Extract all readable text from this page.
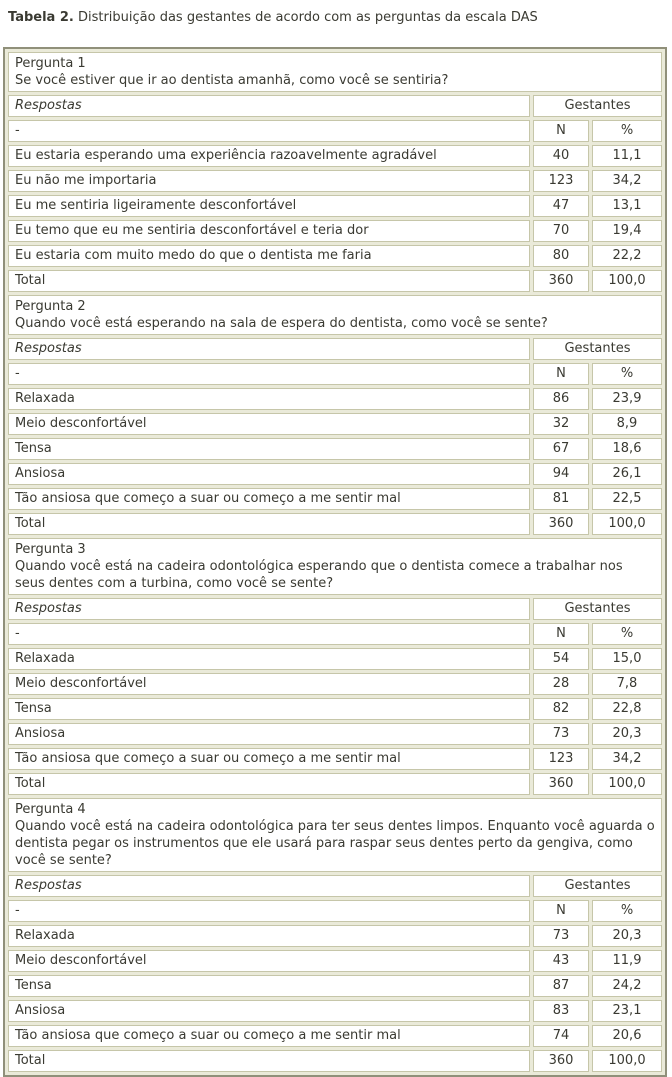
Tabela 2. Distribuição das gestantes de acordo com as perguntas da escala DAS
Pergunta 1
Se você estiver que ir ao dentista amanhã, como você se sentiria?		

Respostas	Gestantes	
-	N	%
Eu estaria esperando uma experiência razoavelmente agradável	40	11,1
Eu não me importaria	123	34,2
Eu me sentiria ligeiramente desconfortável	47	13,1
Eu temo que eu me sentiria desconfortável e teria dor	70	19,4
Eu estaria com muito medo do que o dentista me faria	80	22,2
Total	360	100,0

Pergunta 2
Quando você está esperando na sala de espera do dentista, como você se sente?		

Respostas	Gestantes	
-	N	%
Relaxada	86	23,9
Meio desconfortável	32	8,9
Tensa	67	18,6
Ansiosa	94	26,1
Tão ansiosa que começo a suar ou começo a me sentir mal	81	22,5
Total	360	100,0

Pergunta 3
Quando você está na cadeira odontológica esperando que o dentista comece a trabalhar nos seus dentes com a turbina, como você se sente?		

Respostas	Gestantes	
-	N	%
Relaxada	54	15,0
Meio desconfortável	28	7,8
Tensa	82	22,8
Ansiosa	73	20,3
Tão ansiosa que começo a suar ou começo a me sentir mal	123	34,2
Total	360	100,0

Pergunta 4
Quando você está na cadeira odontológica para ter seus dentes limpos. Enquanto você aguarda o dentista pegar os instrumentos que ele usará para raspar seus dentes perto da gengiva, como você se sente?		

Respostas	Gestantes	
-	N	%
Relaxada	73	20,3
Meio desconfortável	43	11,9
Tensa	87	24,2
Ansiosa	83	23,1
Tão ansiosa que começo a suar ou começo a me sentir mal	74	20,6
Total	360	100,0
